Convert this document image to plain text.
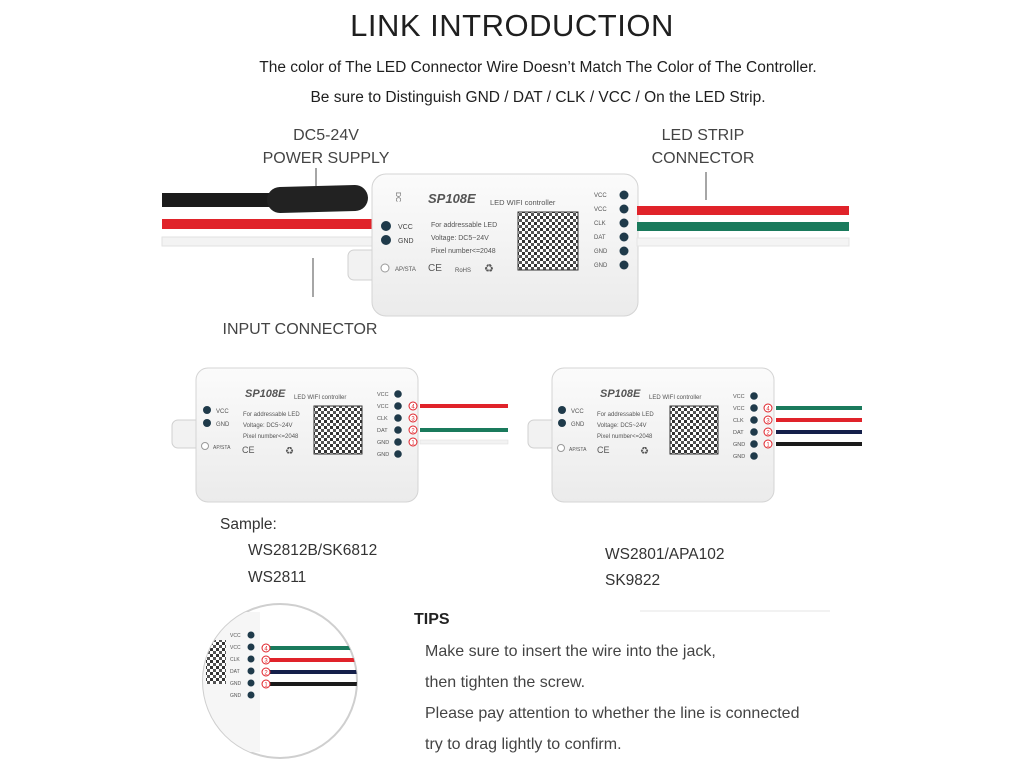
LINK INTRODUCTION
The color of The LED Connector Wire Doesn’t Match The Color of The Controller.
Be sure to Distinguish GND / DAT / CLK / VCC / On the LED Strip.
DC5-24V
POWER SUPPLY
LED STRIP
CONNECTOR
INPUT CONNECTOR
Sample:
WS2812B/SK6812
WS2811
WS2801/APA102
SK9822
TIPS
Make sure to insert the wire into the jack,
then tighten the screw.
Please pay attention to whether the line is connected
try to drag lightly to confirm.
VCC
GND
AP/STA
DC SP108E LED WIFI controller
For addressable LED
Voltage: DC5~24V
Pixel number<=2048
CE RoHS ♻
VCC
VCC
CLK
DAT
GND
GND
SP108E LED WIFI controller
For addressable LED
Voltage: DC5~24V
Pixel number<=2048
VCC
GND
AP/STA CE	♻
VCC
VCC
CLK
DAT
GND
GND
4
3
2
1
SP108E LED WIFI controller
For addressable LED
Voltage: DC5~24V
Pixel number<=2048
VCC
GND
AP/STA CE	♻
VCC
VCC
CLK
DAT
GND
GND
4
3
2
1
VCC
VCC
CLK
DAT
GND
GND
4
3
2
1
